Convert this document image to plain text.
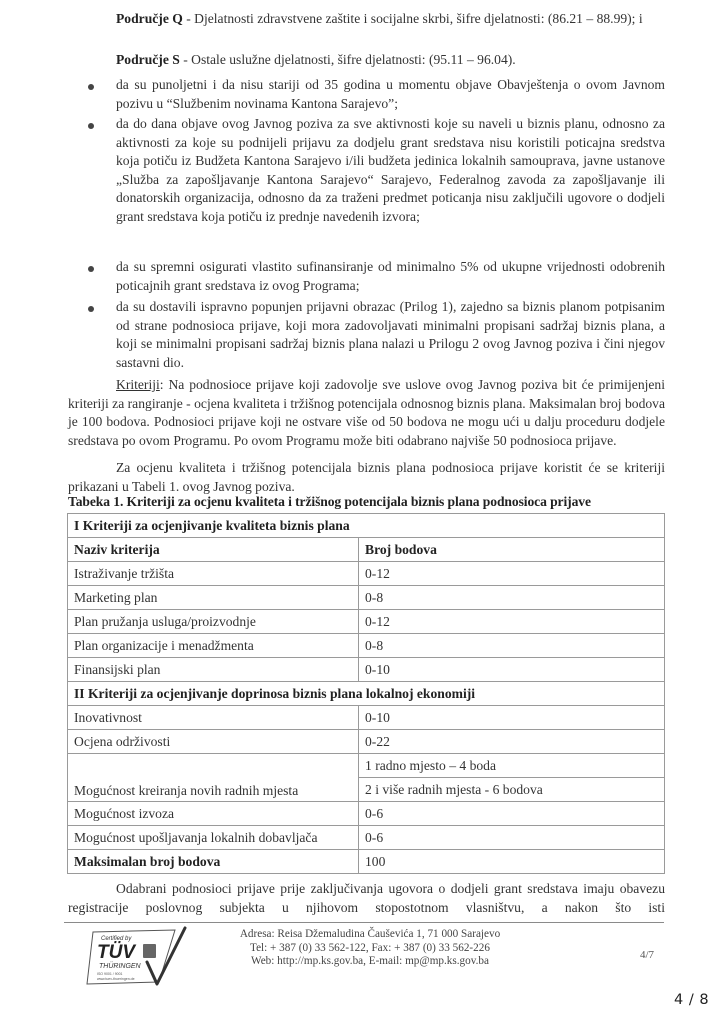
Područje Q - Djelatnosti zdravstvene zaštite i socijalne skrbi, šifre djelatnosti: (86.21 – 88.99); i
Područje S - Ostale uslužne djelatnosti, šifre djelatnosti: (95.11 – 96.04).
da su punoljetni i da nisu stariji od 35 godina u momentu objave Obavještenja o ovom Javnom pozivu u “Službenim novinama Kantona Sarajevo”;
da do dana objave ovog Javnog poziva za sve aktivnosti koje su naveli u biznis planu, odnosno za aktivnosti za koje su podnijeli prijavu za dodjelu grant sredstava nisu koristili poticajna sredstva koja potiču iz Budžeta Kantona Sarajevo i/ili budžeta jedinica lokalnih samouprava, javne ustanove „Služba za zapošljavanje Kantona Sarajevo“ Sarajevo, Federalnog zavoda za zapošljavanje ili donatorskih organizacija, odnosno da za traženi predmet poticanja nisu zaključili ugovore o dodjeli grant sredstava koja potiču iz prednje navedenih izvora;
da su spremni osigurati vlastito sufinansiranje od minimalno 5% od ukupne vrijednosti odobrenih poticajnih grant sredstava iz ovog Programa;
da su dostavili ispravno popunjen prijavni obrazac (Prilog 1), zajedno sa biznis planom potpisanim od strane podnosioca prijave, koji mora zadovoljavati minimalni propisani sadržaj biznis plana, a koji se minimalni propisani sadržaj biznis plana nalazi u Prilogu 2 ovog Javnog poziva i čini njegov sastavni dio.
Kriteriji: Na podnosioce prijave koji zadovolje sve uslove ovog Javnog poziva bit će primijenjeni kriteriji za rangiranje - ocjena kvaliteta i tržišnog potencijala odnosnog biznis plana. Maksimalan broj bodova je 100 bodova. Podnosioci prijave koji ne ostvare više od 50 bodova ne mogu ući u dalju proceduru dodjele sredstava po ovom Programu. Po ovom Programu može biti odabrano najviše 50 podnosioca prijave.
Za ocjenu kvaliteta i tržišnog potencijala biznis plana podnosioca prijave koristit će se kriteriji prikazani u Tabeli 1. ovog Javnog poziva.
Tabeka 1. Kriteriji za ocjenu kvaliteta i tržišnog potencijala biznis plana podnosioca prijave
I Kriteriji za ocjenjivanje kvaliteta biznis plana	
Naziv kriterija	Broj bodova
Istraživanje tržišta	0-12
Marketing plan	0-8
Plan pružanja usluga/proizvodnje	0-12
Plan organizacije i menadžmenta	0-8
Finansijski plan	0-10
II Kriteriji za ocjenjivanje doprinosa biznis plana lokalnoj ekonomiji	
Inovativnost	0-10
Ocjena održivosti	0-22
Mogućnost kreiranja novih radnih mjesta	1 radno mjesto – 4 boda
	2 i više radnih mjesta - 6 bodova
Mogućnost izvoza	0-6
Mogućnost upošljavanja lokalnih dobavljača	0-6
Maksimalan broj bodova	100
Odabrani podnosioci prijave prije zaključivanja ugovora o dodjeli grant sredstava imaju obavezu registracije poslovnog subjekta u njihovom stopostotnom vlasništvu, a nakon što isti
Certified by
TÜV
THÜRINGEN
ISO 9001 / 9001
www.tuev-thueringen.de
Adresa: Reisa Džemaludina Čauševića 1, 71 000 Sarajevo
Tel: + 387 (0) 33 562-122, Fax: + 387 (0) 33 562-226
Web: http://mp.ks.gov.ba, E-mail: mp@mp.ks.gov.ba
4/7
4 / 8
